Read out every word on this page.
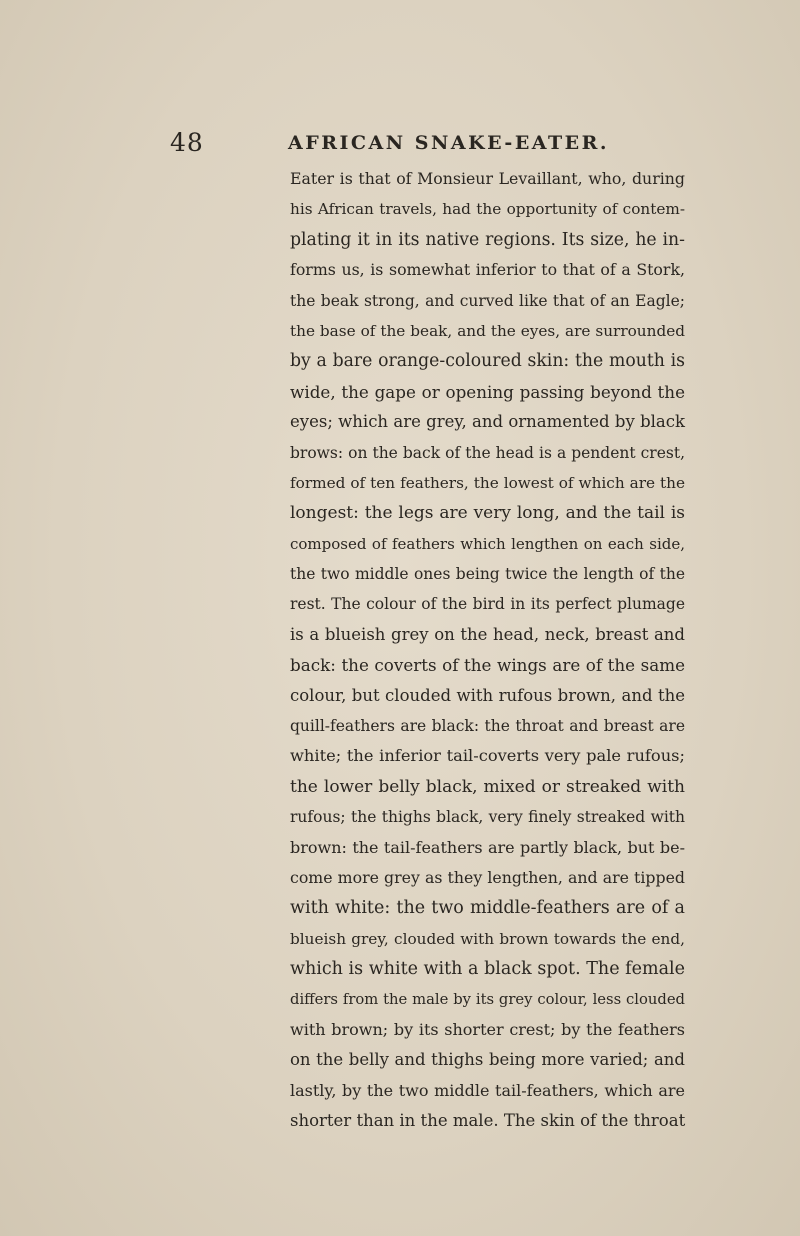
48	AFRICAN SNAKE-EATER.
Eater is that of Monsieur Levaillant, who, during
his African travels, had the opportunity of contem-
plating it in its native regions. Its size, he in-
forms us, is somewhat inferior to that of a Stork,
the beak strong, and curved like that of an Eagle;
the base of the beak, and the eyes, are surrounded
by a bare orange-coloured skin: the mouth is
wide, the gape or opening passing beyond the
eyes; which are grey, and ornamented by black
brows: on the back of the head is a pendent crest,
formed of ten feathers, the lowest of which are the
longest: the legs are very long, and the tail is
composed of feathers which lengthen on each side,
the two middle ones being twice the length of the
rest. The colour of the bird in its perfect plumage
is a blueish grey on the head, neck, breast and
back: the coverts of the wings are of the same
colour, but clouded with rufous brown, and the
quill-feathers are black: the throat and breast are
white; the inferior tail-coverts very pale rufous;
the lower belly black, mixed or streaked with
rufous; the thighs black, very finely streaked with
brown: the tail-feathers are partly black, but be-
come more grey as they lengthen, and are tipped
with white: the two middle-feathers are of a
blueish grey, clouded with brown towards the end,
which is white with a black spot. The female
differs from the male by its grey colour, less clouded
with brown; by its shorter crest; by the feathers
on the belly and thighs being more varied; and
lastly, by the two middle tail-feathers, which are
shorter than in the male. The skin of the throat
